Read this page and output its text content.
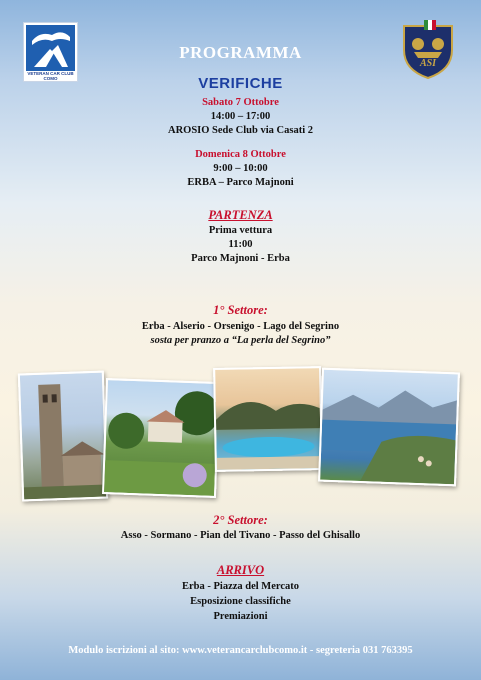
VETERAN CAR CLUB COMO
ASI
PROGRAMMA
VERIFICHE
Sabato 7 Ottobre
14:00 – 17:00
AROSIO Sede Club via Casati 2
Domenica 8 Ottobre
9:00 – 10:00
ERBA – Parco Majnoni
PARTENZA
Prima vettura
11:00
Parco Majnoni - Erba
1° Settore:
Erba - Alserio - Orsenigo - Lago del Segrino
sosta per pranzo a “La perla del Segrino”
2° Settore:
Asso - Sormano - Pian del Tivano - Passo del Ghisallo
ARRIVO
Erba - Piazza del Mercato
Esposizione classifiche
Premiazioni
Modulo iscrizioni al sito: www.veterancarclubcomo.it - segreteria 031 763395
